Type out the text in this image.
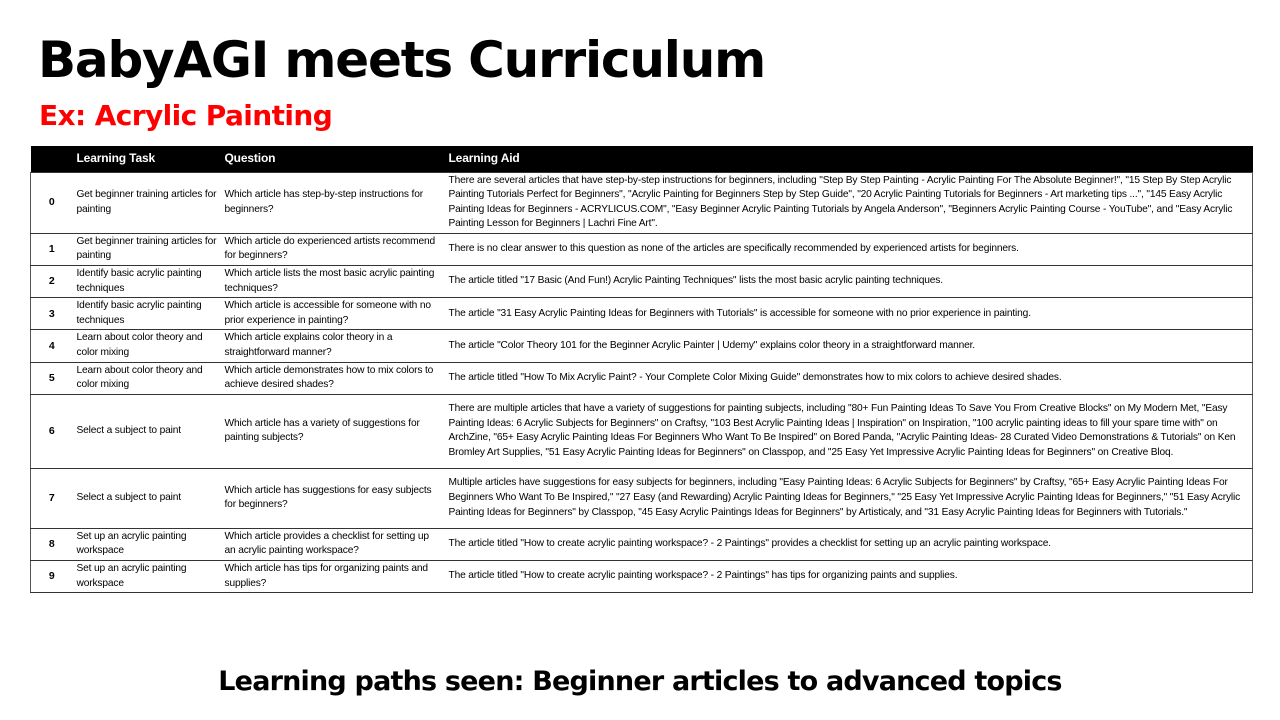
BabyAGI meets Curriculum
Ex: Acrylic Painting
	Learning Task	Question	Learning Aid
0	Get beginner training articles for painting	Which article has step-by-step instructions for beginners?	There are several articles that have step-by-step instructions for beginners, including "Step By Step Painting - Acrylic Painting For The Absolute Beginner!", "15 Step By Step Acrylic Painting Tutorials Perfect for Beginners", "Acrylic Painting for Beginners Step by Step Guide", "20 Acrylic Painting Tutorials for Beginners - Art marketing tips ...", "145 Easy Acrylic Painting Ideas for Beginners - ACRYLICUS.COM", "Easy Beginner Acrylic Painting Tutorials by Angela Anderson", "Beginners Acrylic Painting Course - YouTube", and "Easy Acrylic Painting Lesson for Beginners | Lachri Fine Art".
1	Get beginner training articles for painting	Which article do experienced artists recommend for beginners?	There is no clear answer to this question as none of the articles are specifically recommended by experienced artists for beginners.
2	Identify basic acrylic painting techniques	Which article lists the most basic acrylic painting techniques?	The article titled "17 Basic (And Fun!) Acrylic Painting Techniques" lists the most basic acrylic painting techniques.
3	Identify basic acrylic painting techniques	Which article is accessible for someone with no prior experience in painting?	The article "31 Easy Acrylic Painting Ideas for Beginners with Tutorials" is accessible for someone with no prior experience in painting.
4	Learn about color theory and color mixing	Which article explains color theory in a straightforward manner?	The article "Color Theory 101 for the Beginner Acrylic Painter | Udemy" explains color theory in a straightforward manner.
5	Learn about color theory and color mixing	Which article demonstrates how to mix colors to achieve desired shades?	The article titled "How To Mix Acrylic Paint? - Your Complete Color Mixing Guide" demonstrates how to mix colors to achieve desired shades.
6	Select a subject to paint	Which article has a variety of suggestions for painting subjects?	There are multiple articles that have a variety of suggestions for painting subjects, including "80+ Fun Painting Ideas To Save You From Creative Blocks" on My Modern Met, "Easy Painting Ideas: 6 Acrylic Subjects for Beginners" on Craftsy, "103 Best Acrylic Painting Ideas | Inspiration" on Inspiration, "100 acrylic painting ideas to fill your spare time with" on ArchZine, "65+ Easy Acrylic Painting Ideas For Beginners Who Want To Be Inspired" on Bored Panda, "Acrylic Painting Ideas- 28 Curated Video Demonstrations & Tutorials" on Ken Bromley Art Supplies, "51 Easy Acrylic Painting Ideas for Beginners" on Classpop, and "25 Easy Yet Impressive Acrylic Painting Ideas for Beginners" on Creative Bloq.
7	Select a subject to paint	Which article has suggestions for easy subjects for beginners?	Multiple articles have suggestions for easy subjects for beginners, including "Easy Painting Ideas: 6 Acrylic Subjects for Beginners" by Craftsy, "65+ Easy Acrylic Painting Ideas For Beginners Who Want To Be Inspired," "27 Easy (and Rewarding) Acrylic Painting Ideas for Beginners," "25 Easy Yet Impressive Acrylic Painting Ideas for Beginners," "51 Easy Acrylic Painting Ideas for Beginners" by Classpop, "45 Easy Acrylic Paintings Ideas for Beginners" by Artisticaly, and "31 Easy Acrylic Painting Ideas for Beginners with Tutorials."
8	Set up an acrylic painting workspace	Which article provides a checklist for setting up an acrylic painting workspace?	The article titled "How to create acrylic painting workspace? - 2 Paintings" provides a checklist for setting up an acrylic painting workspace.
9	Set up an acrylic painting workspace	Which article has tips for organizing paints and supplies?	The article titled "How to create acrylic painting workspace? - 2 Paintings" has tips for organizing paints and supplies.
Learning paths seen: Beginner articles to advanced topics
